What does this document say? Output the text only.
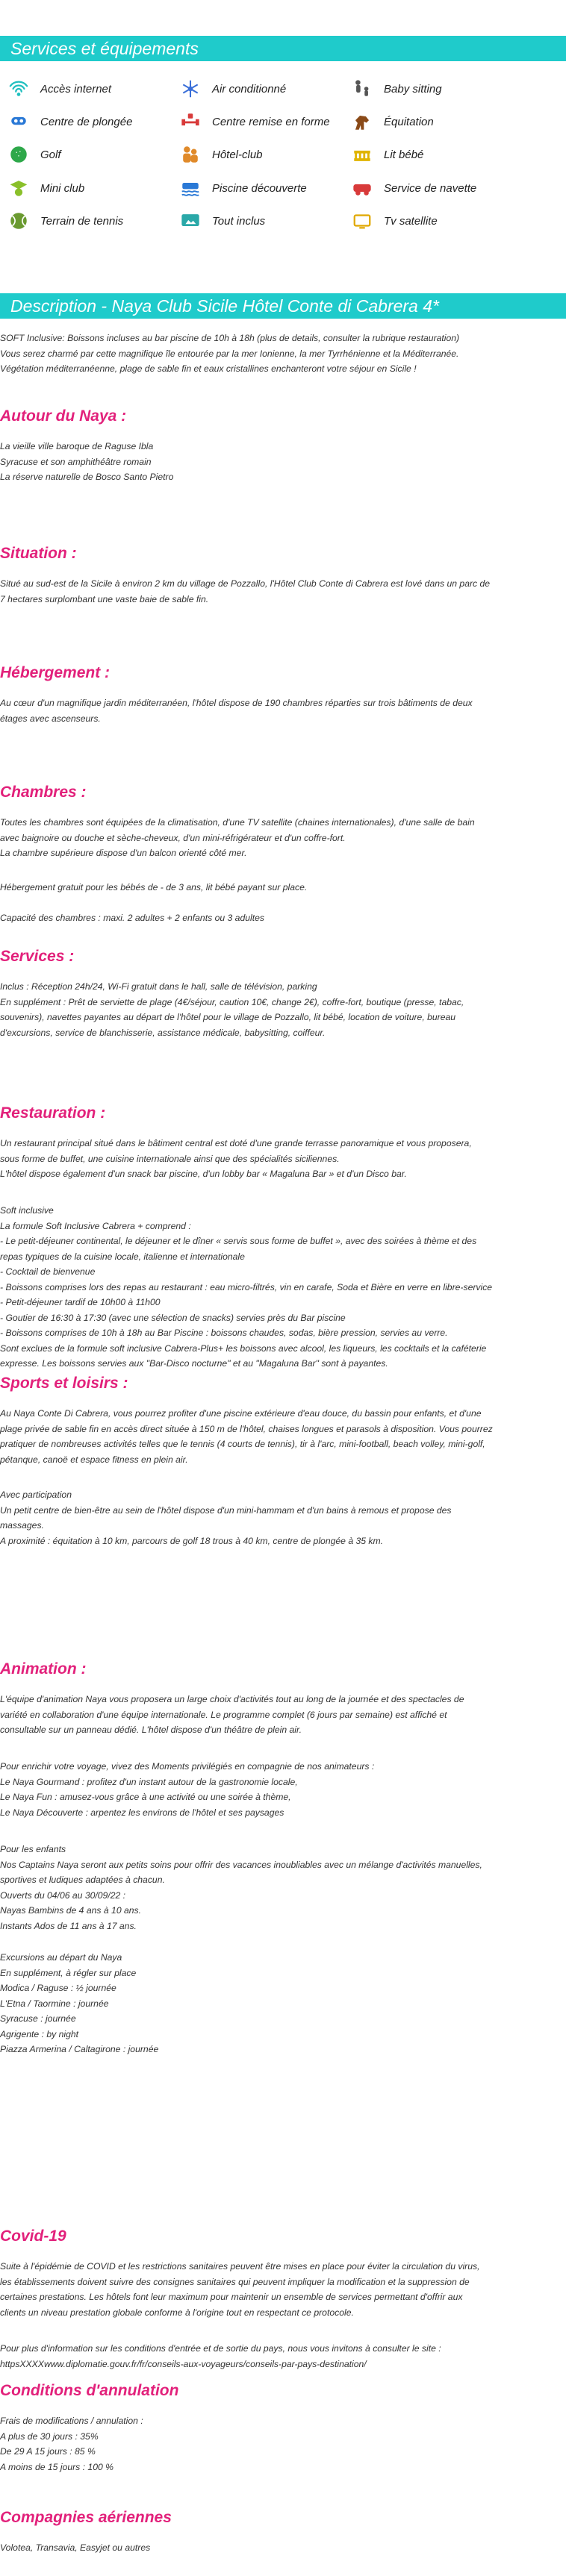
Services et équipements
Accès internet	Air conditionné	Baby sitting
Centre de plongée	Centre remise en forme	Équitation
Golf	Hôtel-club	Lit bébé
Mini club	Piscine découverte	Service de navette
Terrain de tennis	Tout inclus	Tv satellite
Description - Naya Club Sicile Hôtel Conte di Cabrera 4*
SOFT Inclusive: Boissons incluses au bar piscine de 10h à 18h (plus de details, consulter la rubrique restauration)
Vous serez charmé par cette magnifique île entourée par la mer Ionienne, la mer Tyrrhénienne et la Méditerranée.
Végétation méditerranéenne, plage de sable fin et eaux cristallines enchanteront votre séjour en Sicile !
Autour du Naya :
La vieille ville baroque de Raguse Ibla
Syracuse et son amphithéâtre romain
La réserve naturelle de Bosco Santo Pietro
Situation :
Situé au sud-est de la Sicile à environ 2 km du village de Pozzallo, l'Hôtel Club Conte di Cabrera est lové dans un parc de
7 hectares surplombant une vaste baie de sable fin.
Hébergement :
Au cœur d'un magnifique jardin méditerranéen, l'hôtel dispose de 190 chambres réparties sur trois bâtiments de deux
étages avec ascenseurs.
Chambres :
Toutes les chambres sont équipées de la climatisation, d'une TV satellite (chaines internationales), d'une salle de bain
avec baignoire ou douche et sèche-cheveux, d'un mini-réfrigérateur et d'un coffre-fort.
La chambre supérieure dispose d'un balcon orienté côté mer.
Hébergement gratuit pour les bébés de - de 3 ans, lit bébé payant sur place.
Capacité des chambres : maxi. 2 adultes + 2 enfants ou 3 adultes
Services :
Inclus : Réception 24h/24, Wi-Fi gratuit dans le hall, salle de télévision, parking
En supplément : Prêt de serviette de plage (4€/séjour, caution 10€, change 2€), coffre-fort, boutique (presse, tabac,
souvenirs), navettes payantes au départ de l'hôtel pour le village de Pozzallo, lit bébé, location de voiture, bureau
d'excursions, service de blanchisserie, assistance médicale, babysitting, coiffeur.
Restauration :
Un restaurant principal situé dans le bâtiment central est doté d'une grande terrasse panoramique et vous proposera,
sous forme de buffet, une cuisine internationale ainsi que des spécialités siciliennes.
L'hôtel dispose également d'un snack bar piscine, d'un lobby bar « Magaluna Bar » et d'un Disco bar.
Soft inclusive
La formule Soft Inclusive Cabrera + comprend :
- Le petit-déjeuner continental, le déjeuner et le dîner « servis sous forme de buffet », avec des soirées à thème et des
repas typiques de la cuisine locale, italienne et internationale
- Cocktail de bienvenue
- Boissons comprises lors des repas au restaurant : eau micro-filtrés, vin en carafe, Soda et Bière en verre en libre-service
- Petit-déjeuner tardif de 10h00 à 11h00
- Goutier de 16:30 à 17:30 (avec une sélection de snacks) servies près du Bar piscine
- Boissons comprises de 10h à 18h au Bar Piscine : boissons chaudes, sodas, bière pression, servies au verre.
Sont exclues de la formule soft inclusive Cabrera-Plus+ les boissons avec alcool, les liqueurs, les cocktails et la caféterie
expresse. Les boissons servies aux "Bar-Disco nocturne" et au "Magaluna Bar" sont à payantes.
Sports et loisirs :
Au Naya Conte Di Cabrera, vous pourrez profiter d'une piscine extérieure d'eau douce, du bassin pour enfants, et d'une
plage privée de sable fin en accès direct située à 150 m de l'hôtel, chaises longues et parasols à disposition. Vous pourrez
pratiquer de nombreuses activités telles que le tennis (4 courts de tennis), tir à l'arc, mini-football, beach volley, mini-golf,
pétanque, canoë et espace fitness en plein air.
Avec participation
Un petit centre de bien-être au sein de l'hôtel dispose d'un mini-hammam et d'un bains à remous et propose des
massages.
A proximité : équitation à 10 km, parcours de golf 18 trous à 40 km, centre de plongée à 35 km.
Animation :
L'équipe d'animation Naya vous proposera un large choix d'activités tout au long de la journée et des spectacles de
variété en collaboration d'une équipe internationale. Le programme complet (6 jours par semaine) est affiché et
consultable sur un panneau dédié. L'hôtel dispose d'un théâtre de plein air.
Pour enrichir votre voyage, vivez des Moments privilégiés en compagnie de nos animateurs :
Le Naya Gourmand : profitez d'un instant autour de la gastronomie locale,
Le Naya Fun : amusez-vous grâce à une activité ou une soirée à thème,
Le Naya Découverte : arpentez les environs de l'hôtel et ses paysages
Pour les enfants
Nos Captains Naya seront aux petits soins pour offrir des vacances inoubliables avec un mélange d'activités manuelles,
sportives et ludiques adaptées à chacun.
Ouverts du 04/06 au 30/09/22 :
Nayas Bambins de 4 ans à 10 ans.
Instants Ados de 11 ans à 17 ans.
Excursions au départ du Naya
En supplément, à régler sur place
Modica / Raguse : ½ journée
L'Etna / Taormine : journée
Syracuse : journée
Agrigente : by night
Piazza Armerina / Caltagirone : journée
Covid-19
Suite à l'épidémie de COVID et les restrictions sanitaires peuvent être mises en place pour éviter la circulation du virus,
les établissements doivent suivre des consignes sanitaires qui peuvent impliquer la modification et la suppression de
certaines prestations. Les hôtels font leur maximum pour maintenir un ensemble de services permettant d'offrir aux
clients un niveau prestation globale conforme à l'origine tout en respectant ce protocole.
Pour plus d'information sur les conditions d'entrée et de sortie du pays, nous vous invitons à consulter le site :
httpsXXXXwww.diplomatie.gouv.fr/fr/conseils-aux-voyageurs/conseils-par-pays-destination/
Conditions d'annulation
Frais de modifications / annulation :
A plus de 30 jours : 35%
De 29 A 15 jours : 85 %
A moins de 15 jours : 100 %
Compagnies aériennes
Volotea, Transavia, Easyjet ou autres
